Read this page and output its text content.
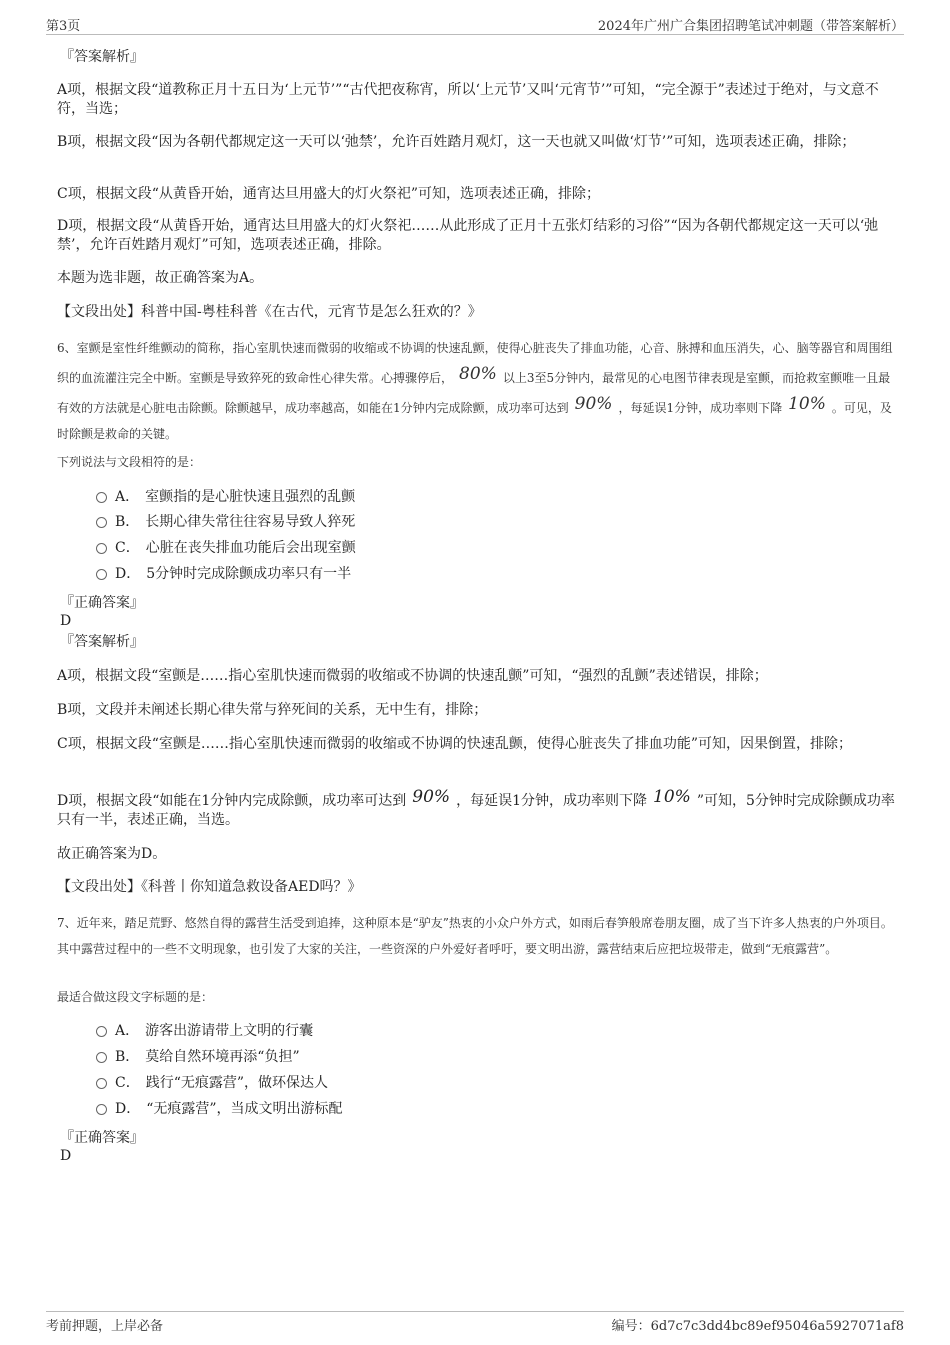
第3页	2024年广州广合集团招聘笔试冲刺题（带答案解析）
『答案解析』
A项，根据文段“道教称正月十五日为‘上元节’”“古代把夜称宵，所以‘上元节’又叫‘元宵节’”可知，“完全源于”表述过于绝对，与文意不符，当选；
B项，根据文段“因为各朝代都规定这一天可以‘弛禁’，允许百姓踏月观灯，这一天也就又叫做‘灯节’”可知，选项表述正确，排除；
C项，根据文段“从黄昏开始，通宵达旦用盛大的灯火祭祀”可知，选项表述正确，排除；
D项，根据文段“从黄昏开始，通宵达旦用盛大的灯火祭祀……从此形成了正月十五张灯结彩的习俗”“因为各朝代都规定这一天可以‘弛禁’，允许百姓踏月观灯”可知，选项表述正确，排除。
本题为选非题，故正确答案为A。
【文段出处】科普中国-粤桂科普《在古代，元宵节是怎么狂欢的？》
6、室颤是室性纤维颤动的简称，指心室肌快速而微弱的收缩或不协调的快速乱颤，使得心脏丧失了排血功能，心音、脉搏和血压消失，心、脑等器官和周围组织的血流灌注完全中断。室颤是导致猝死的致命性心律失常。心搏骤停后， 80% 以上3至5分钟内，最常见的心电图节律表现是室颤，而抢救室颤唯一且最有效的方法就是心脏电击除颤。除颤越早，成功率越高，如能在1分钟内完成除颤，成功率可达到 90% ，每延误1分钟，成功率则下降 10% 。可见，及时除颤是救命的关键。
下列说法与文段相符的是：
A． 室颤指的是心脏快速且强烈的乱颤
B． 长期心律失常往往容易导致人猝死
C． 心脏在丧失排血功能后会出现室颤
D． 5分钟时完成除颤成功率只有一半
『正确答案』
D
『答案解析』
A项，根据文段“室颤是……指心室肌快速而微弱的收缩或不协调的快速乱颤”可知，“强烈的乱颤”表述错误，排除；
B项，文段并未阐述长期心律失常与猝死间的关系，无中生有，排除；
C项，根据文段“室颤是……指心室肌快速而微弱的收缩或不协调的快速乱颤，使得心脏丧失了排血功能”可知，因果倒置，排除；
D项，根据文段“如能在1分钟内完成除颤，成功率可达到 90% ，每延误1分钟，成功率则下降 10% ”可知，5分钟时完成除颤成功率只有一半，表述正确，当选。
故正确答案为D。
【文段出处】《科普丨你知道急救设备AED吗？》
7、近年来，踏足荒野、悠然自得的露营生活受到追捧，这种原本是“驴友”热衷的小众户外方式，如雨后春笋般席卷朋友圈，成了当下许多人热衷的户外项目。其中露营过程中的一些不文明现象，也引发了大家的关注，一些资深的户外爱好者呼吁，要文明出游，露营结束后应把垃圾带走，做到“无痕露营”。
最适合做这段文字标题的是：
A． 游客出游请带上文明的行囊
B． 莫给自然环境再添“负担”
C． 践行“无痕露营”，做环保达人
D． “无痕露营”，当成文明出游标配
『正确答案』
D
考前押题，上岸必备	编号：6d7c7c3dd4bc89ef95046a5927071af8
